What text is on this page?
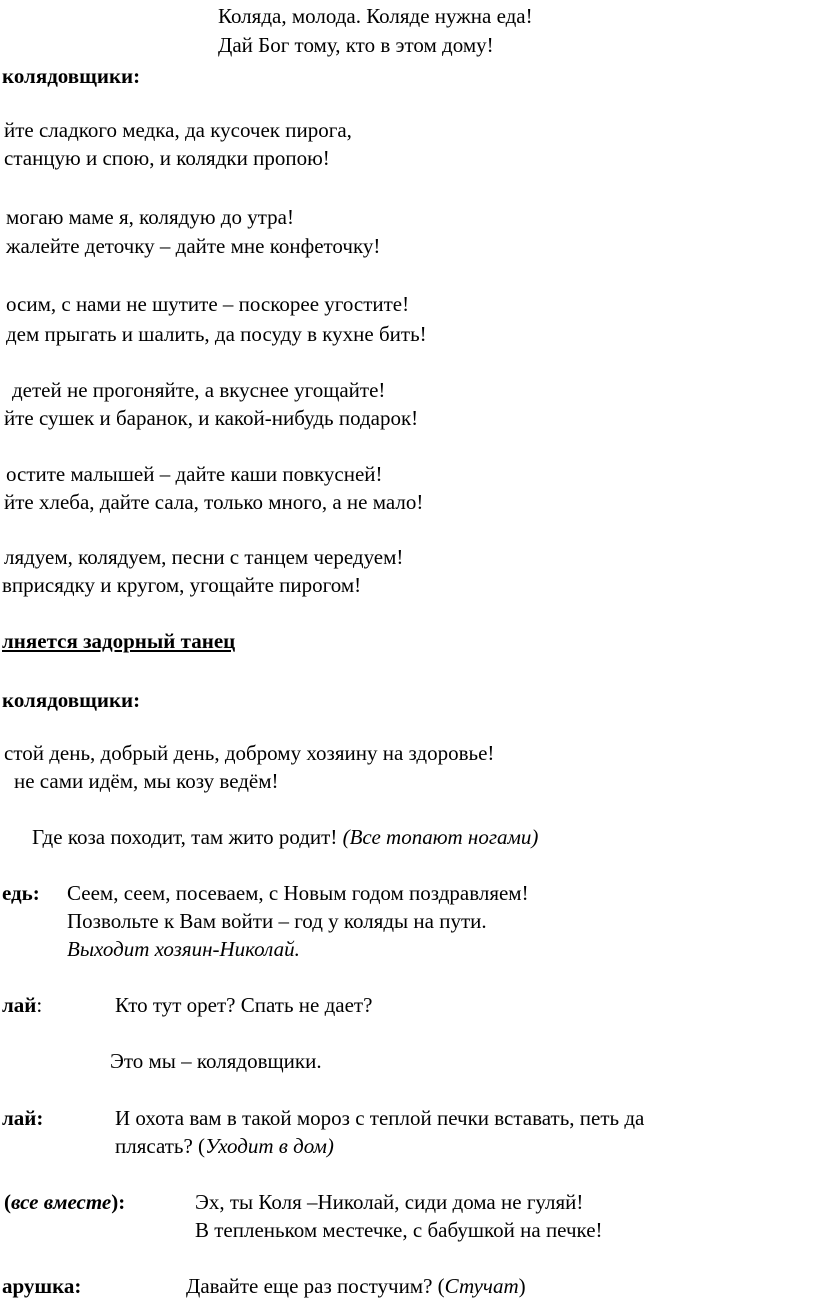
Коляда, молода. Коляде нужна еда!
Дай Бог тому, кто в этом дому!
колядовщики:
йте сладкого медка, да кусочек пирога,
станцую и спою, и колядки пропою!
могаю маме я, колядую до утра!
жалейте деточку – дайте мне конфеточку!
осим, с нами не шутите – поскорее угостите!
дем прыгать и шалить, да посуду в кухне бить!
детей не прогоняйте, а вкуснее угощайте!
йте сушек и баранок, и какой-нибудь подарок!
остите малышей – дайте каши повкусней!
йте хлеба, дайте сала, только много, а не мало!
лядуем, колядуем, песни с танцем чередуем!
вприсядку и кругом, угощайте пирогом!
лняется задорный танец
колядовщики:
стой день, добрый день, доброму хозяину на здоровье!
не сами идём, мы козу ведём!
Где коза походит, там жито родит! (Все топают ногами)
едь: Сеем, сеем, посеваем, с Новым годом поздравляем!
Позвольте к Вам войти – год у коляды на пути.
Выходит хозяин-Николай.
лай:	Кто тут орет? Спать не дает?
Это мы – колядовщики.
лай:	И охота вам в такой мороз с теплой печки вставать, петь да
плясать? (Уходит в дом)
(все вместе):	Эх, ты Коля –Николай, сиди дома не гуляй!
В тепленьком местечке, с бабушкой на печке!
арушка:	Давайте еще раз постучим? (Стучат)
